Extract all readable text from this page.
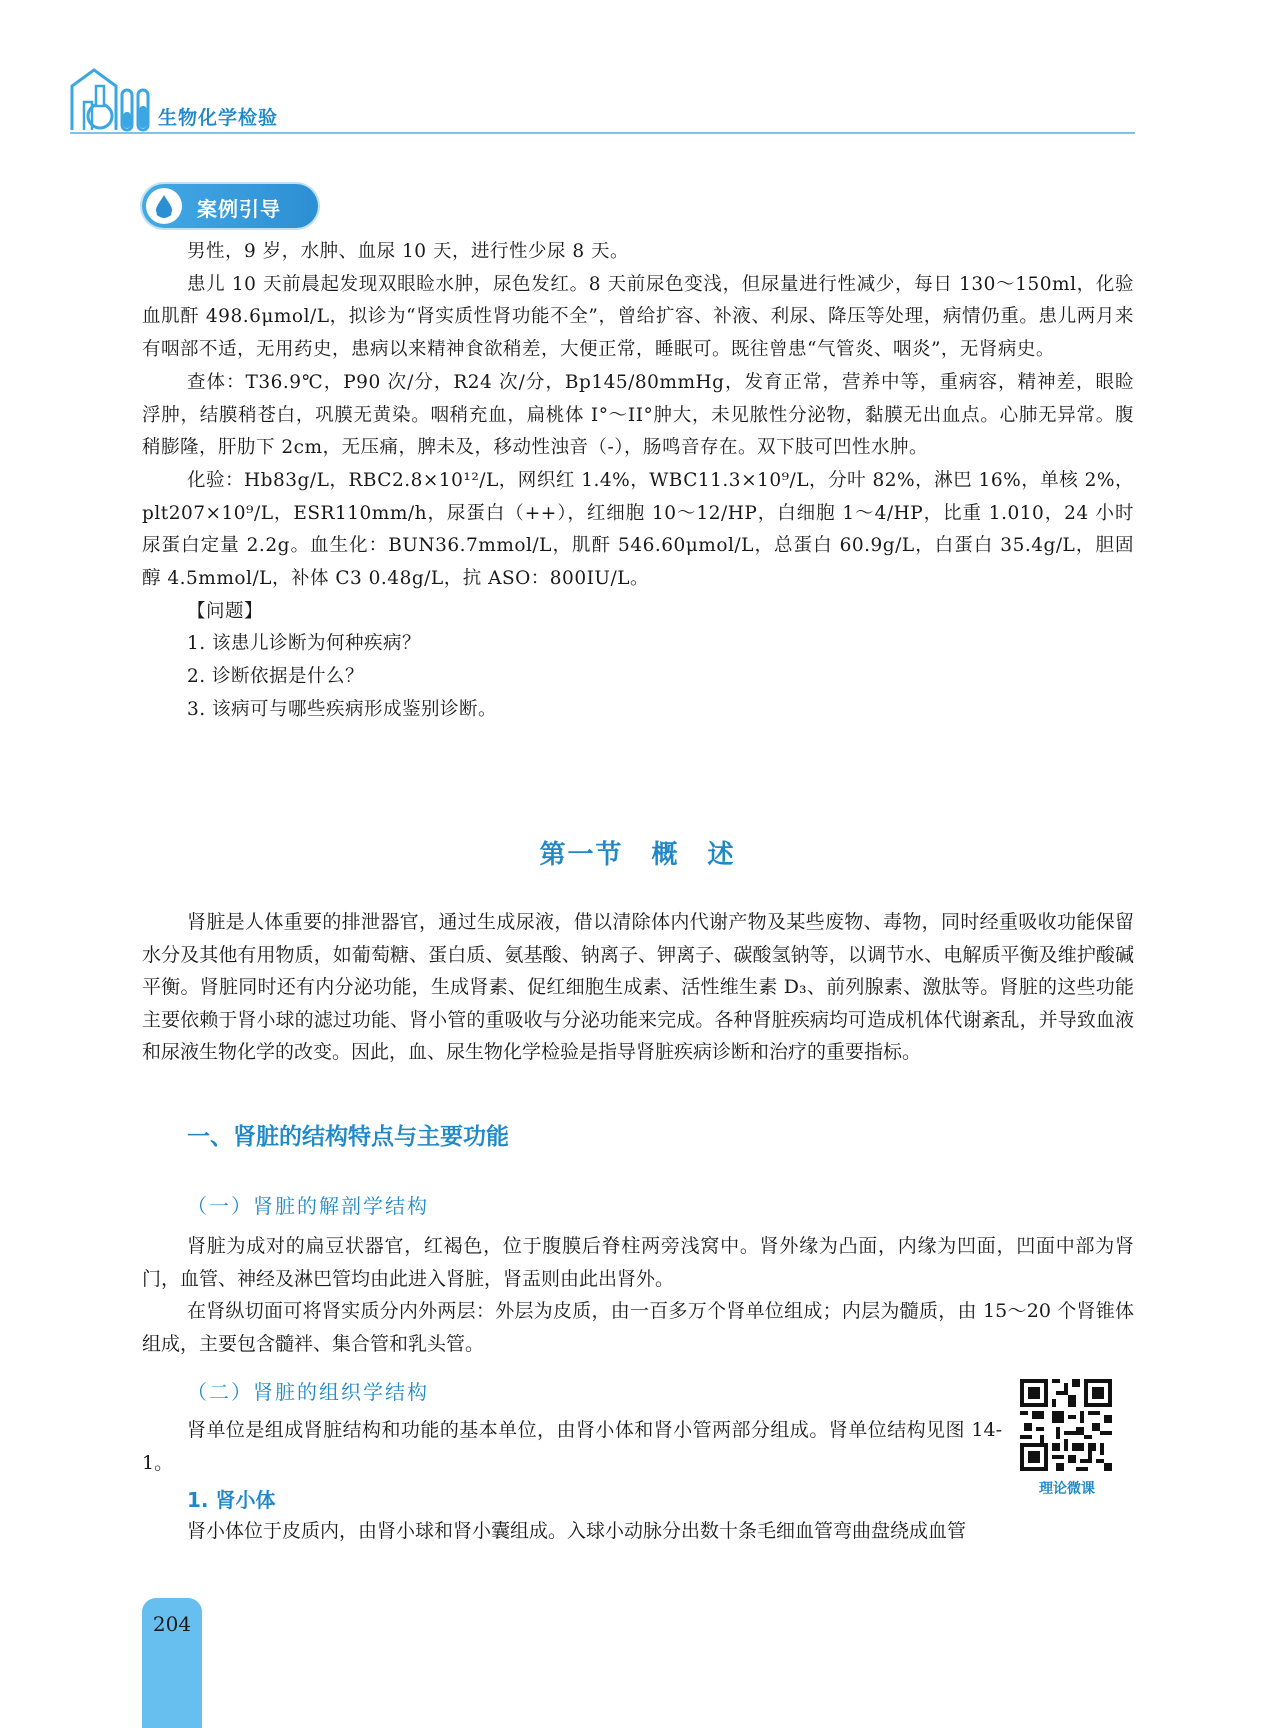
生物化学检验
案例引导

男性，9 岁，水肿、血尿 10 天，进行性少尿 8 天。

患儿 10 天前晨起发现双眼睑水肿，尿色发红。8 天前尿色变浅，但尿量进行性减少，每日 130～150ml，化验血肌酐 498.6μmol/L，拟诊为“肾实质性肾功能不全”，曾给扩容、补液、利尿、降压等处理，病情仍重。患儿两月来有咽部不适，无用药史，患病以来精神食欲稍差，大便正常，睡眠可。既往曾患“气管炎、咽炎”，无肾病史。

查体：T36.9℃，P90 次/分，R24 次/分，Bp145/80mmHg，发育正常，营养中等，重病容，精神差，眼睑浮肿，结膜稍苍白，巩膜无黄染。咽稍充血，扁桃体 I°～II°肿大，未见脓性分泌物，黏膜无出血点。心肺无异常。腹稍膨隆，肝肋下 2cm，无压痛，脾未及，移动性浊音（-），肠鸣音存在。双下肢可凹性水肿。

化验：Hb83g/L，RBC2.8×10¹²/L，网织红 1.4%，WBC11.3×10⁹/L，分叶 82%，淋巴 16%，单核 2%，plt207×10⁹/L，ESR110mm/h，尿蛋白（++），红细胞 10～12/HP，白细胞 1～4/HP，比重 1.010，24 小时尿蛋白定量 2.2g。血生化：BUN36.7mmol/L，肌酐 546.60μmol/L，总蛋白 60.9g/L，白蛋白 35.4g/L，胆固醇 4.5mmol/L，补体 C3 0.48g/L，抗 ASO：800IU/L。

【问题】

1. 该患儿诊断为何种疾病？

2. 诊断依据是什么？

3. 该病可与哪些疾病形成鉴别诊断。

第一节　概　述

肾脏是人体重要的排泄器官，通过生成尿液，借以清除体内代谢产物及某些废物、毒物，同时经重吸收功能保留水分及其他有用物质，如葡萄糖、蛋白质、氨基酸、钠离子、钾离子、碳酸氢钠等，以调节水、电解质平衡及维护酸碱平衡。肾脏同时还有内分泌功能，生成肾素、促红细胞生成素、活性维生素 D₃、前列腺素、激肽等。肾脏的这些功能主要依赖于肾小球的滤过功能、肾小管的重吸收与分泌功能来完成。各种肾脏疾病均可造成机体代谢紊乱，并导致血液和尿液生物化学的改变。因此，血、尿生物化学检验是指导肾脏疾病诊断和治疗的重要指标。

一、肾脏的结构特点与主要功能
（一）肾脏的解剖学结构

肾脏为成对的扁豆状器官，红褐色，位于腹膜后脊柱两旁浅窝中。肾外缘为凸面，内缘为凹面，凹面中部为肾门，血管、神经及淋巴管均由此进入肾脏，肾盂则由此出肾外。

在肾纵切面可将肾实质分内外两层：外层为皮质，由一百多万个肾单位组成；内层为髓质，由 15～20 个肾锥体组成，主要包含髓袢、集合管和乳头管。

（二）肾脏的组织学结构

肾单位是组成肾脏结构和功能的基本单位，由肾小体和肾小管两部分组成。肾单位结构见图 14-1。

1. 肾小体

肾小体位于皮质内，由肾小球和肾小囊组成。入球小动脉分出数十条毛细血管弯曲盘绕成血管

理论微课
204
